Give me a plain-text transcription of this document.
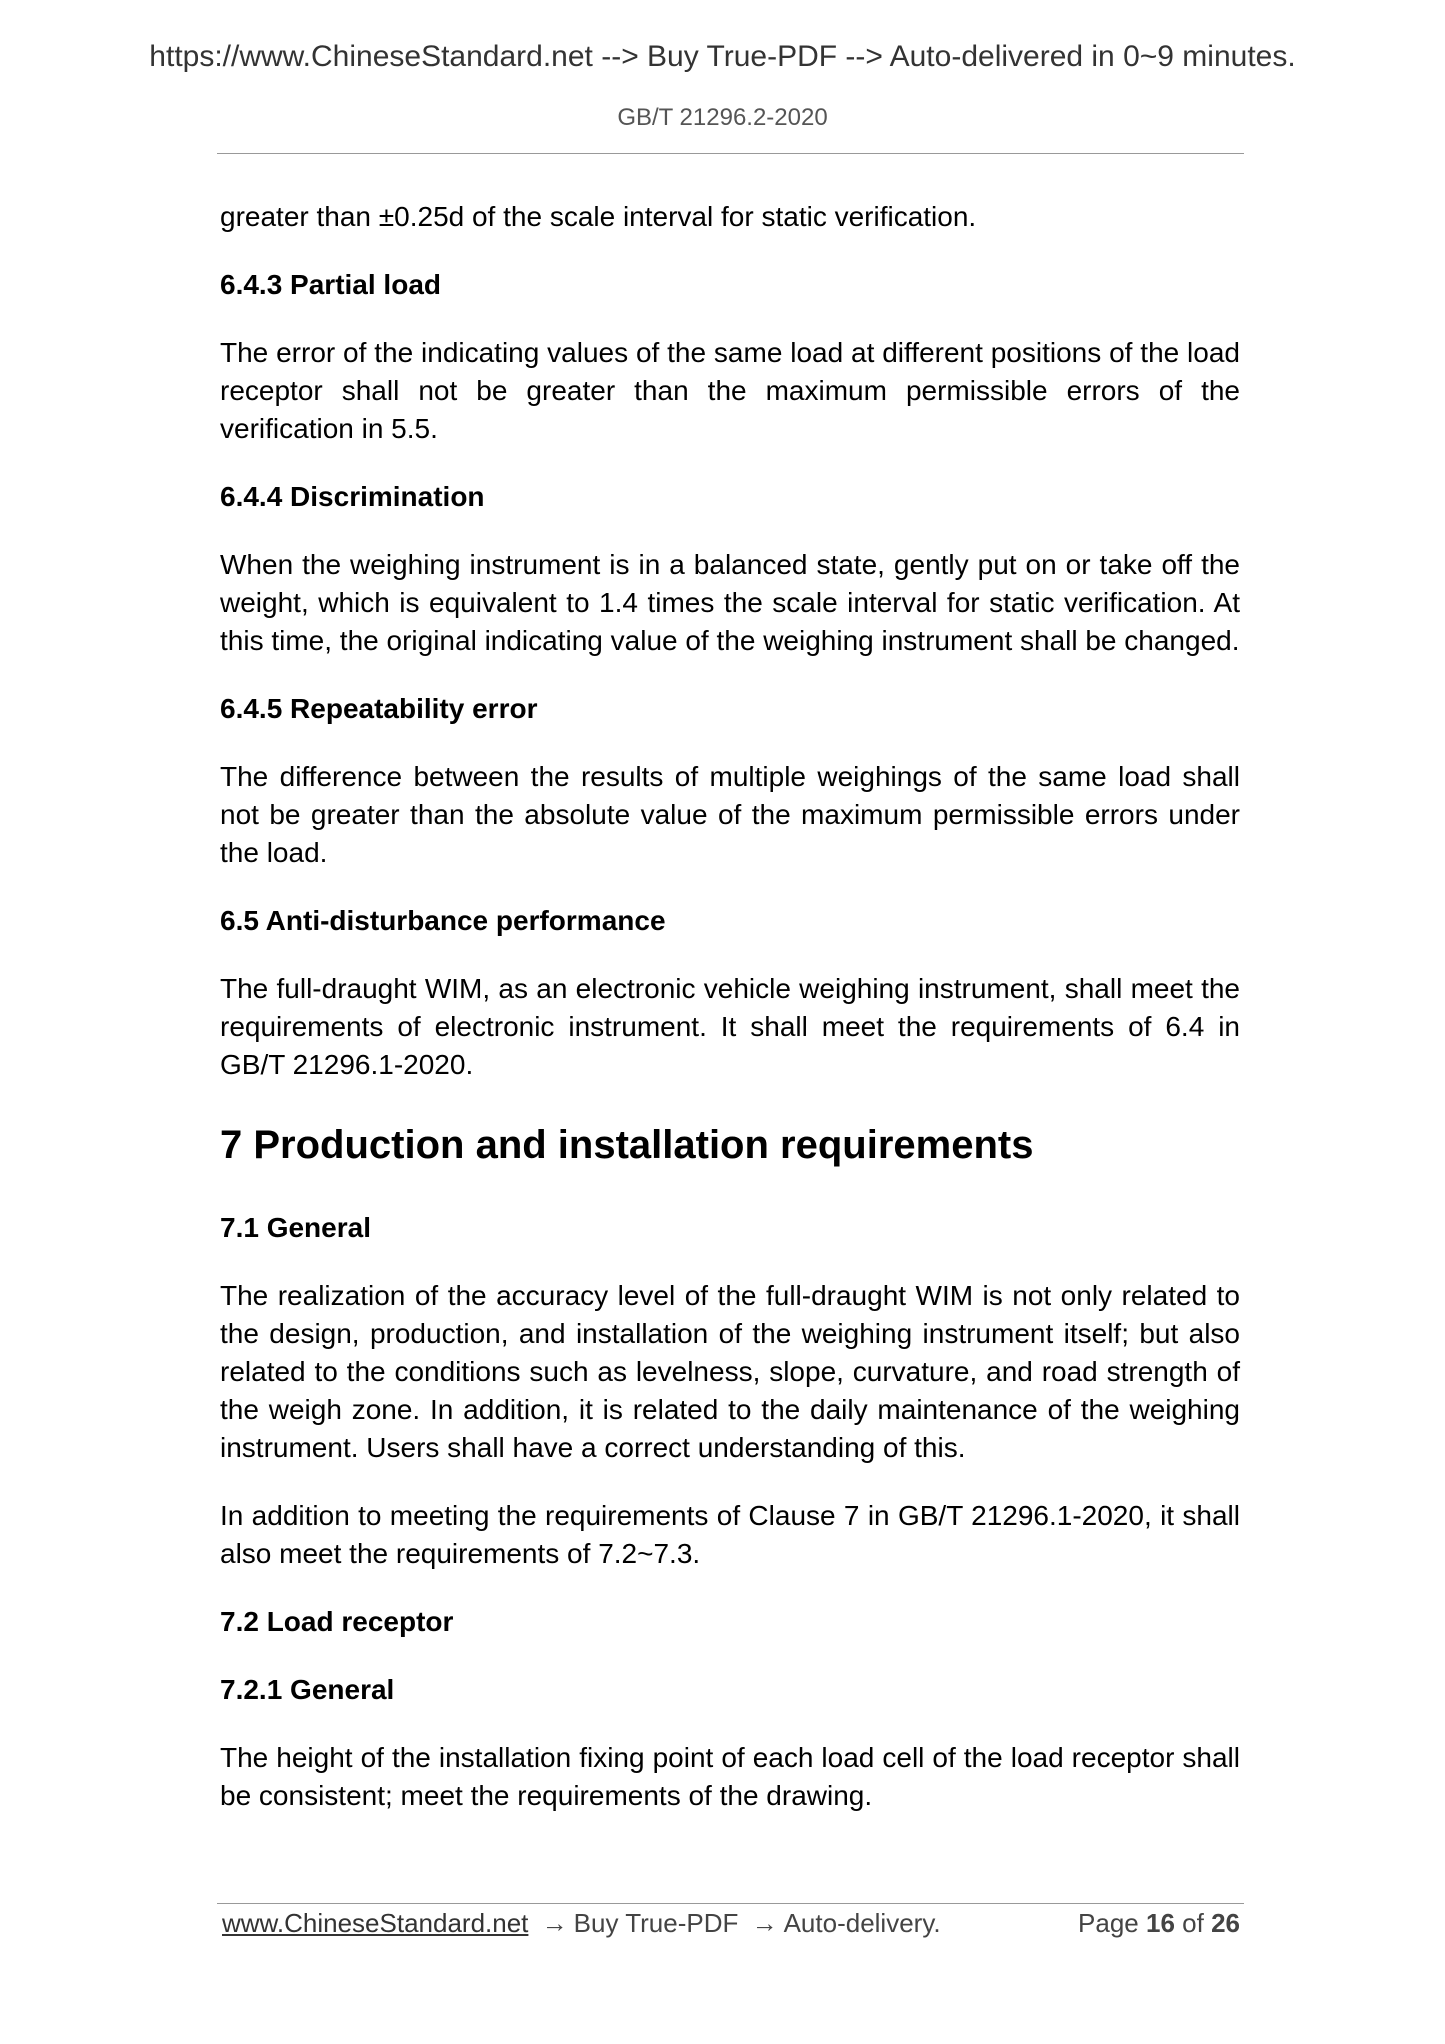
https://www.ChineseStandard.net --> Buy True-PDF --> Auto-delivered in 0~9 minutes.
GB/T 21296.2-2020

greater than ±0.25d of the scale interval for static verification.

6.4.3 Partial load

The error of the indicating values of the same load at different positions of the load receptor shall not be greater than the maximum permissible errors of the verification in 5.5.

6.4.4 Discrimination

When the weighing instrument is in a balanced state, gently put on or take off the weight, which is equivalent to 1.4 times the scale interval for static verification. At this time, the original indicating value of the weighing instrument shall be changed.

6.4.5 Repeatability error

The difference between the results of multiple weighings of the same load shall not be greater than the absolute value of the maximum permissible errors under the load.

6.5 Anti-disturbance performance

The full-draught WIM, as an electronic vehicle weighing instrument, shall meet the requirements of electronic instrument. It shall meet the requirements of 6.4 in GB/T 21296.1-2020.

7 Production and installation requirements
7.1 General

The realization of the accuracy level of the full-draught WIM is not only related to the design, production, and installation of the weighing instrument itself; but also related to the conditions such as levelness, slope, curvature, and road strength of the weigh zone. In addition, it is related to the daily maintenance of the weighing instrument. Users shall have a correct understanding of this.

In addition to meeting the requirements of Clause 7 in GB/T 21296.1-2020, it shall also meet the requirements of 7.2~7.3.

7.2 Load receptor
7.2.1 General

The height of the installation fixing point of each load cell of the load receptor shall be consistent; meet the requirements of the drawing.

www.ChineseStandard.net → Buy True-PDF → Auto-delivery.	Page 16 of 26
